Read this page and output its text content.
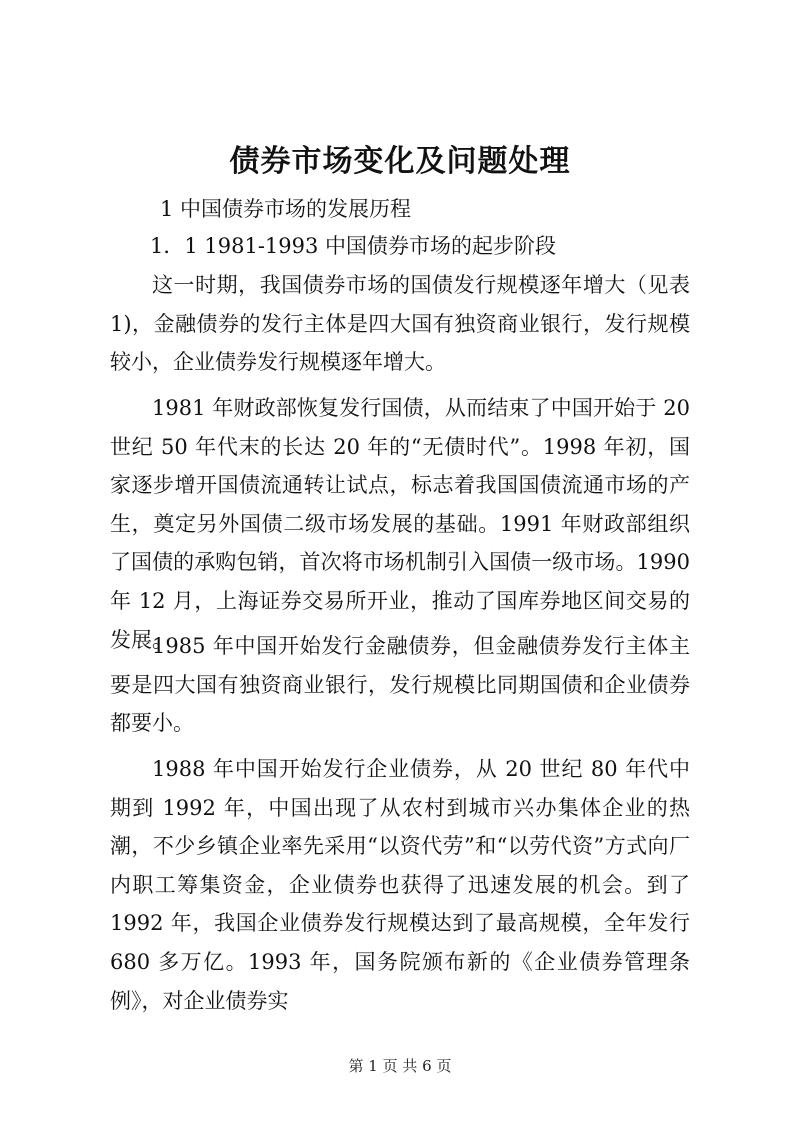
债券市场变化及问题处理
1 中国债券市场的发展历程
1．1 1981-1993 中国债券市场的起步阶段

这一时期，我国债券市场的国债发行规模逐年增大（见表1)，金融债券的发行主体是四大国有独资商业银行，发行规模较小，企业债券发行规模逐年增大。

1981 年财政部恢复发行国债，从而结束了中国开始于 20 世纪 50 年代末的长达 20 年的“无债时代”。1998 年初，国家逐步增开国债流通转让试点，标志着我国国债流通市场的产生，奠定另外国债二级市场发展的基础。1991 年财政部组织了国债的承购包销，首次将市场机制引入国债一级市场。1990 年 12 月，上海证券交易所开业，推动了国库券地区间交易的发展。

1985 年中国开始发行金融债券，但金融债券发行主体主要是四大国有独资商业银行，发行规模比同期国债和企业债券都要小。

1988 年中国开始发行企业债券，从 20 世纪 80 年代中期到 1992 年，中国出现了从农村到城市兴办集体企业的热潮，不少乡镇企业率先采用“以资代劳”和“以劳代资”方式向厂内职工筹集资金，企业债券也获得了迅速发展的机会。到了 1992 年，我国企业债券发行规模达到了最高规模，全年发行 680 多万亿。1993 年，国务院颁布新的《企业债券管理条例》，对企业债券实

第 1 页 共 6 页
